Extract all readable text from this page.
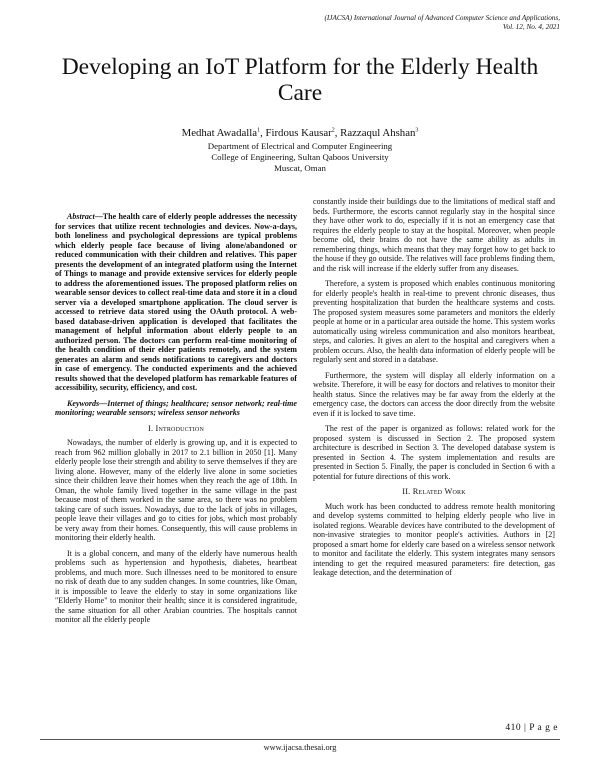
(IJACSA) International Journal of Advanced Computer Science and Applications,
Vol. 12, No. 4, 2021
Developing an IoT Platform for the Elderly Health Care
Medhat Awadalla$^1$, Firdous Kausar$^2$, Razzaqul Ahshan$^3$
Department of Electrical and Computer Engineering
College of Engineering, Sultan Qaboos University
Muscat, Oman

Abstract—The health care of elderly people addresses the necessity for services that utilize recent technologies and devices. Now-a-days, both loneliness and psychological depressions are typical problems which elderly people face because of living alone/abandoned or reduced communication with their children and relatives. This paper presents the development of an integrated platform using the Internet of Things to manage and provide extensive services for elderly people to address the aforementioned issues. The proposed platform relies on wearable sensor devices to collect real-time data and store it in a cloud server via a developed smartphone application. The cloud server is accessed to retrieve data stored using the OAuth protocol. A web-based database-driven application is developed that facilitates the management of helpful information about elderly people to an authorized person. The doctors can perform real-time monitoring of the health condition of their elder patients remotely, and the system generates an alarm and sends notifications to caregivers and doctors in case of emergency. The conducted experiments and the achieved results showed that the developed platform has remarkable features of accessibility, security, efficiency, and cost.

Keywords—Internet of things; healthcare; sensor network; real-time monitoring; wearable sensors; wireless sensor networks

I. Introduction

Nowadays, the number of elderly is growing up, and it is expected to reach from 962 million globally in 2017 to 2.1 billion in 2050 [1]. Many elderly people lose their strength and ability to serve themselves if they are living alone. However, many of the elderly live alone in some societies since their children leave their homes when they reach the age of 18th. In Oman, the whole family lived together in the same village in the past because most of them worked in the same area, so there was no problem taking care of such issues. Nowadays, due to the lack of jobs in villages, people leave their villages and go to cities for jobs, which most probably be very away from their homes. Consequently, this will cause problems in monitoring their elderly health.

It is a global concern, and many of the elderly have numerous health problems such as hypertension and hypothesis, diabetes, heartbeat problems, and much more. Such illnesses need to be monitored to ensure no risk of death due to any sudden changes. In some countries, like Oman, it is impossible to leave the elderly to stay in some organizations like "Elderly Home" to monitor their health; since it is considered ingratitude, the same situation for all other Arabian countries. The hospitals cannot monitor all the elderly people

constantly inside their buildings due to the limitations of medical staff and beds. Furthermore, the escorts cannot regularly stay in the hospital since they have other work to do, especially if it is not an emergency case that requires the elderly people to stay at the hospital. Moreover, when people become old, their brains do not have the same ability as adults in remembering things, which means that they may forget how to get back to the house if they go outside. The relatives will face problems finding them, and the risk will increase if the elderly suffer from any diseases.

Therefore, a system is proposed which enables continuous monitoring for elderly people's health in real-time to prevent chronic diseases, thus preventing hospitalization that burden the healthcare systems and costs. The proposed system measures some parameters and monitors the elderly people at home or in a particular area outside the home. This system works automatically using wireless communication and also monitors heartbeat, steps, and calories. It gives an alert to the hospital and caregivers when a problem occurs. Also, the health data information of elderly people will be regularly sent and stored in a database.

Furthermore, the system will display all elderly information on a website. Therefore, it will be easy for doctors and relatives to monitor their health status. Since the relatives may be far away from the elderly at the emergency case, the doctors can access the door directly from the website even if it is locked to save time.

The rest of the paper is organized as follows: related work for the proposed system is discussed in Section 2. The proposed system architecture is described in Section 3. The developed database system is presented in Section 4. The system implementation and results are presented in Section 5. Finally, the paper is concluded in Section 6 with a potential for future directions of this work.

II. Related Work

Much work has been conducted to address remote health monitoring and develop systems committed to helping elderly people who live in isolated regions. Wearable devices have contributed to the development of non-invasive strategies to monitor people's activities. Authors in [2] proposed a smart home for elderly care based on a wireless sensor network to monitor and facilitate the elderly. This system integrates many sensors intending to get the required measured parameters: fire detection, gas leakage detection, and the determination of

410 | P a g e
www.ijacsa.thesai.org
